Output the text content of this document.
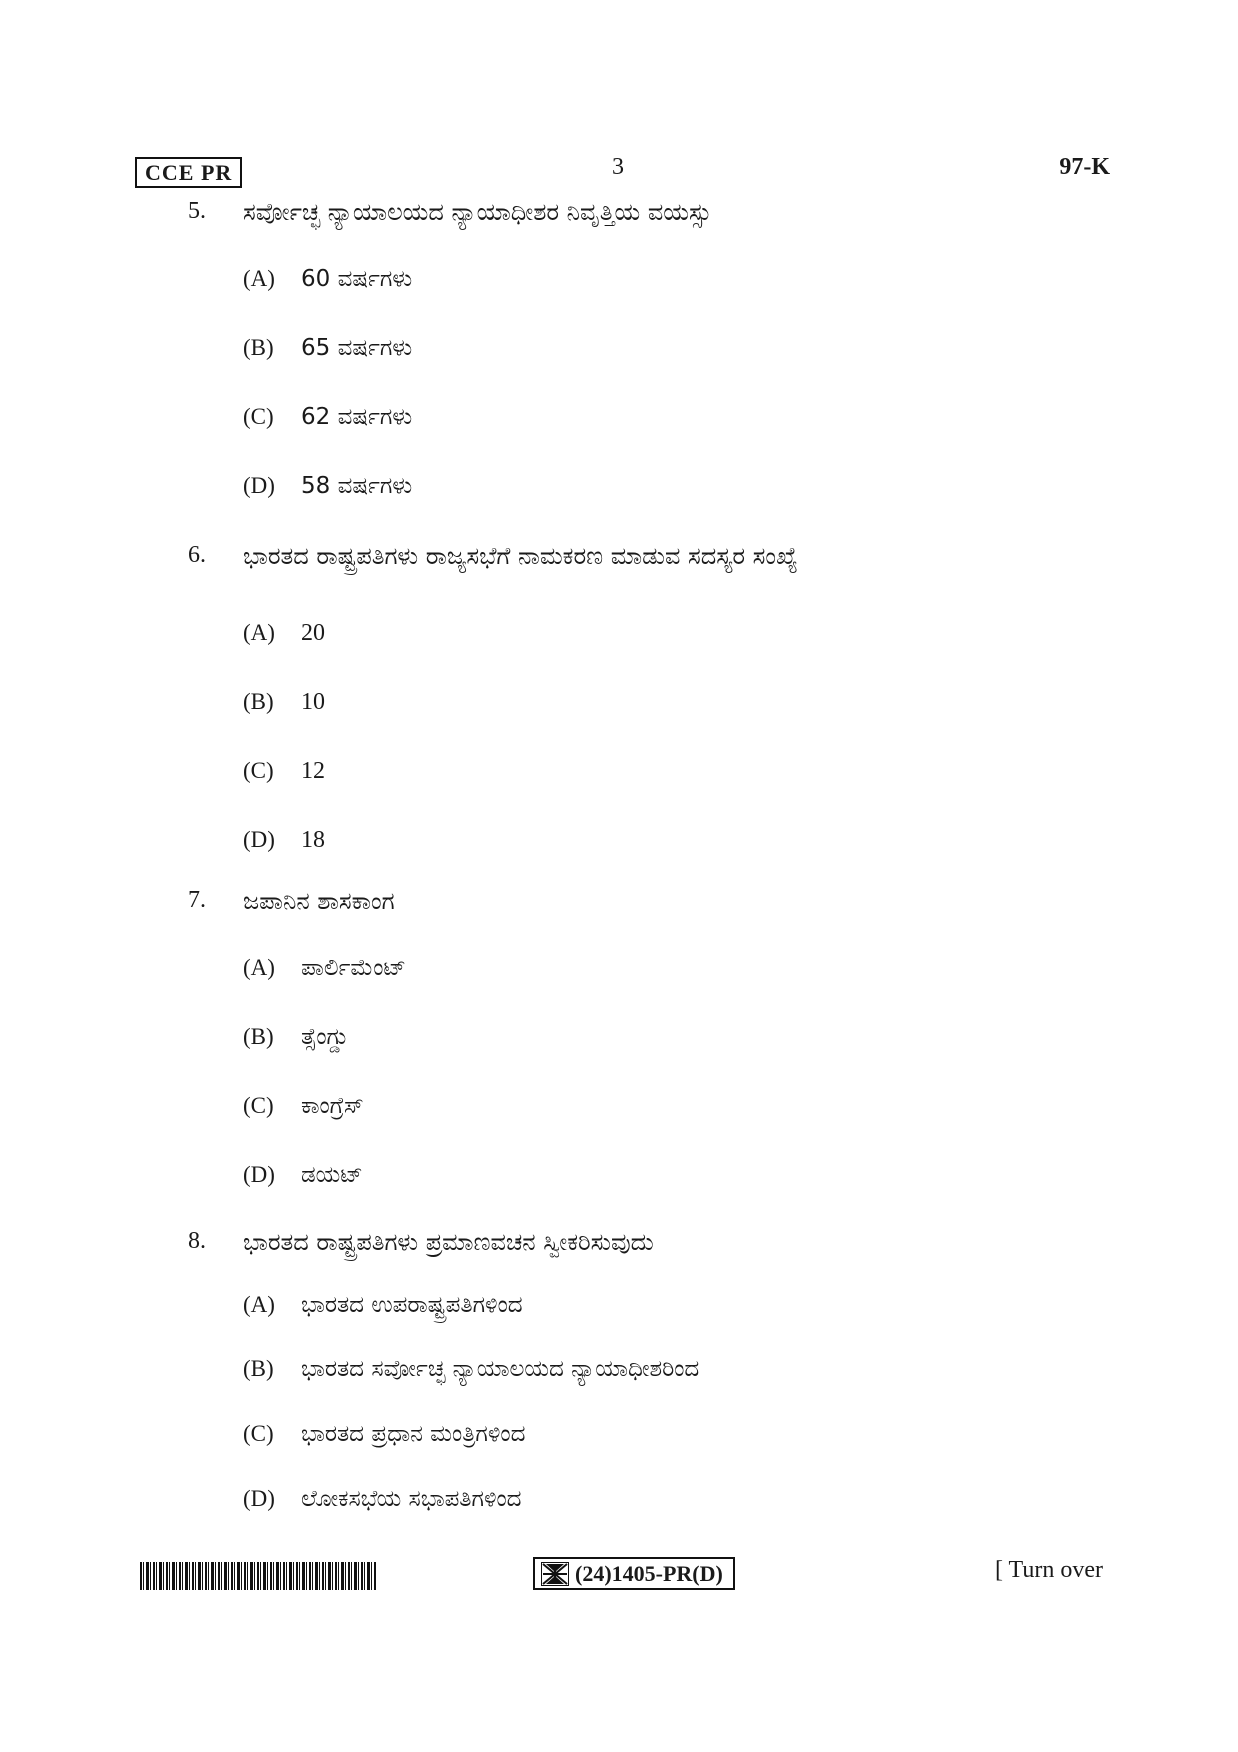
CCE PR	3	97-K
5. ಸರ್ವೋಚ್ಛ ನ್ಯಾಯಾಲಯದ ನ್ಯಾಯಾಧೀಶರ ನಿವೃತ್ತಿಯ ವಯಸ್ಸು
(A) 60 ವರ್ಷಗಳು
(B) 65 ವರ್ಷಗಳು
(C) 62 ವರ್ಷಗಳು
(D) 58 ವರ್ಷಗಳು
6. ಭಾರತದ ರಾಷ್ಟ್ರಪತಿಗಳು ರಾಜ್ಯಸಭೆಗೆ ನಾಮಕರಣ ಮಾಡುವ ಸದಸ್ಯರ ಸಂಖ್ಯೆ
(A) 20
(B) 10
(C) 12
(D) 18
7. ಜಪಾನಿನ ಶಾಸಕಾಂಗ
(A) ಪಾರ್ಲಿಮೆಂಟ್
(B) ತ್ಸೆಂಗ್ಡು
(C) ಕಾಂಗ್ರೆಸ್
(D) ಡಯಟ್
8. ಭಾರತದ ರಾಷ್ಟ್ರಪತಿಗಳು ಪ್ರಮಾಣವಚನ ಸ್ವೀಕರಿಸುವುದು
(A) ಭಾರತದ ಉಪರಾಷ್ಟ್ರಪತಿಗಳಿಂದ
(B) ಭಾರತದ ಸರ್ವೋಚ್ಛ ನ್ಯಾಯಾಲಯದ ನ್ಯಾಯಾಧೀಶರಿಂದ
(C) ಭಾರತದ ಪ್ರಧಾನ ಮಂತ್ರಿಗಳಿಂದ
(D) ಲೋಕಸಭೆಯ ಸಭಾಪತಿಗಳಿಂದ
(24)1405-PR(D)	[ Turn over
